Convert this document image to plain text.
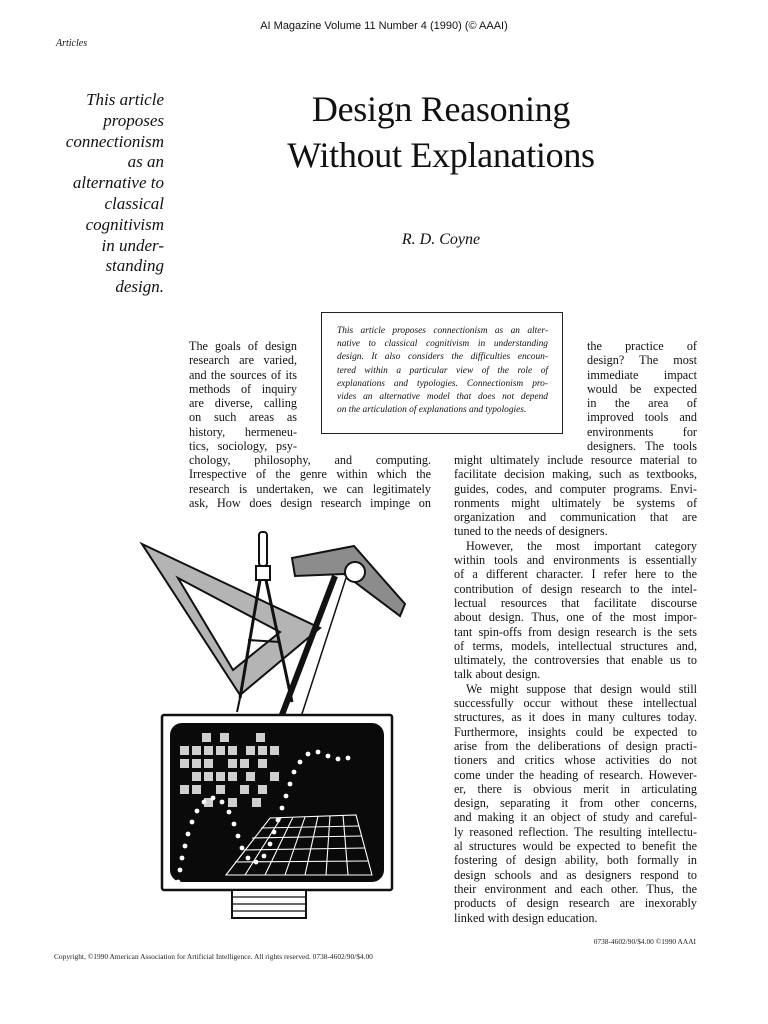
AI Magazine Volume 11 Number 4 (1990) (© AAAI)
Articles
This article
proposes
connectionism
as an
alternative to
classical
cognitivism
in under-
standing
design.
Design Reasoning
Without Explanations
R. D. Coyne
This article proposes connectionism as an alter-
native to classical cognitivism in understanding
design. It also considers the difficulties encoun-
tered within a particular view of the role of
explanations and typologies. Connectionism pro-
vides an alternative model that does not depend
on the articulation of explanations and typologies.
The goals of design
research are varied,
and the sources of its
methods of inquiry
are diverse, calling
on such areas as
history, hermeneu-
tics, sociology, psy-
chology, philosophy, and computing.
Irrespective of the genre within which the
research is undertaken, we can legitimately
ask, How does design research impinge on
the practice of
design? The most
immediate impact
would be expected
in the area of
improved tools and
environments for
designers. The tools
might ultimately include resource material to
facilitate decision making, such as textbooks,
guides, codes, and computer programs. Envi-
ronments might ultimately be systems of
organization and communication that are
tuned to the needs of designers.
However, the most important category
within tools and environments is essentially
of a different character. I refer here to the
contribution of design research to the intel-
lectual resources that facilitate discourse
about design. Thus, one of the most impor-
tant spin-offs from design research is the sets
of terms, models, intellectual structures and,
ultimately, the controversies that enable us to
talk about design.
We might suppose that design would still
successfully occur without these intellectual
structures, as it does in many cultures today.
Furthermore, insights could be expected to
arise from the deliberations of design practi-
tioners and critics whose activities do not
come under the heading of research. However-
er, there is obvious merit in articulating
design, separating it from other concerns,
and making it an object of study and careful-
ly reasoned reflection. The resulting intellectu-
al structures would be expected to benefit the
fostering of design ability, both formally in
design schools and as designers respond to
their environment and each other. Thus, the
products of design research are inexorably
linked with design education.
0738-4602/90/$4.00 ©1990 AAAI
Copyright, ©1990 American Association for Artificial Intelligence. All rights reserved. 0738-4602/90/$4.00
